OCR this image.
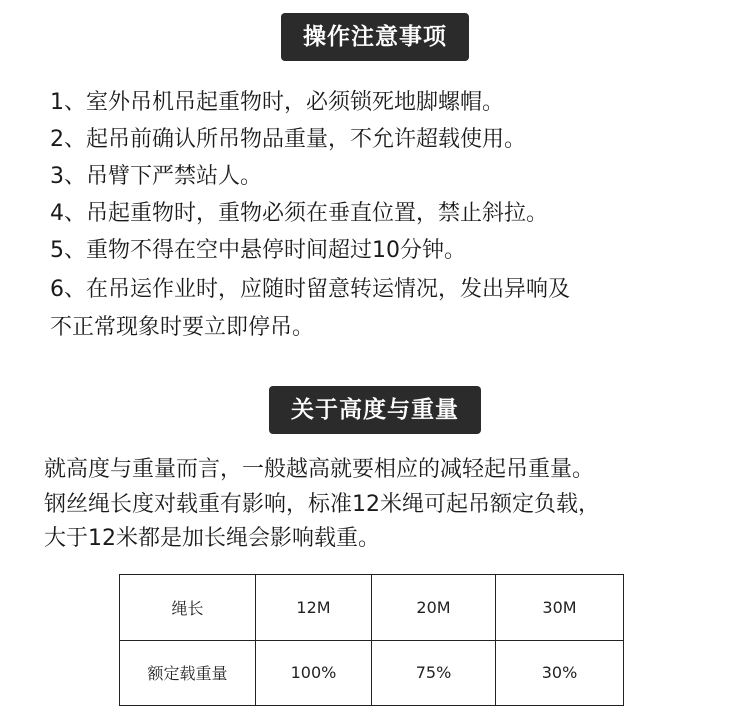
操作注意事项
1、室外吊机吊起重物时，必须锁死地脚螺帽。
2、起吊前确认所吊物品重量，不允许超载使用。
3、吊臂下严禁站人。
4、吊起重物时，重物必须在垂直位置，禁止斜拉。
5、重物不得在空中悬停时间超过10分钟。
6、在吊运作业时，应随时留意转运情况，发出异响及
不正常现象时要立即停吊。
关于高度与重量
就高度与重量而言，一般越高就要相应的减轻起吊重量。
钢丝绳长度对载重有影响，标准12米绳可起吊额定负载，
大于12米都是加长绳会影响载重。
绳长	12M	20M	30M
额定载重量	100%	75%	30%
